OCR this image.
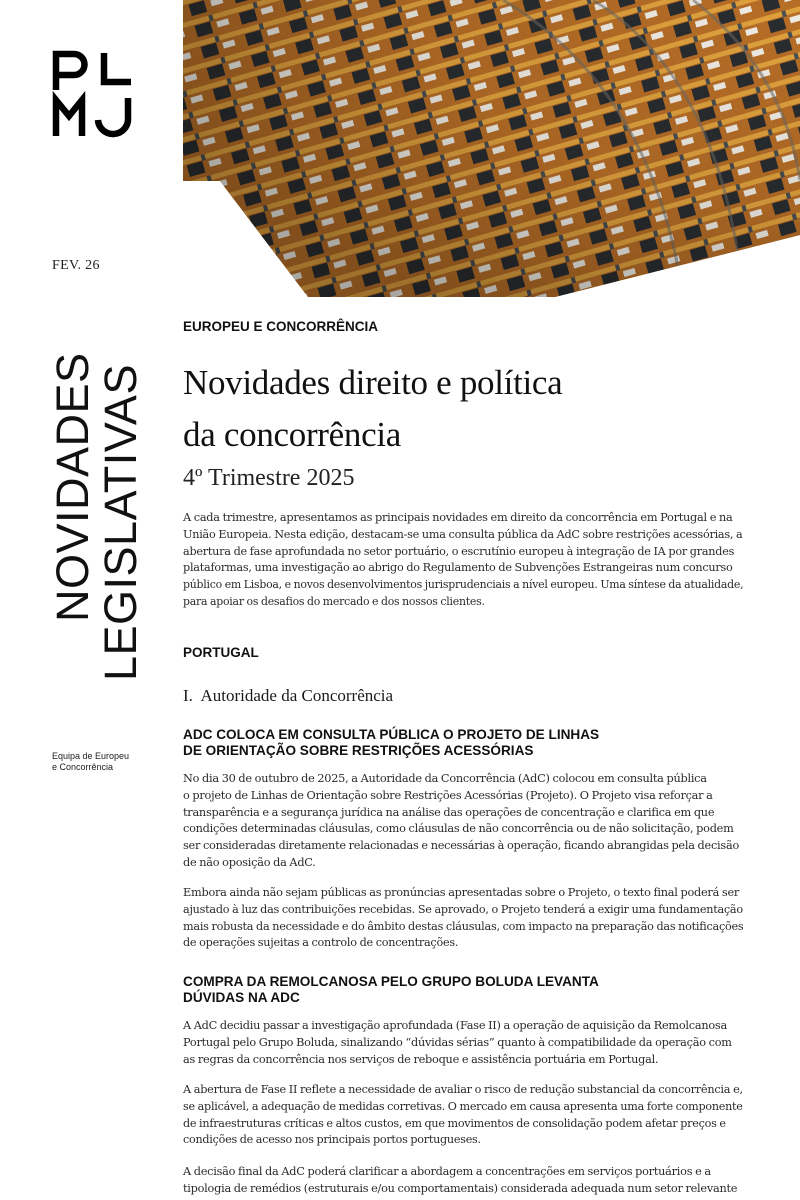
FEV. 26
NOVIDADES
LEGISLATIVAS
Equipa de Europeu
e Concorrência
EUROPEU E CONCORRÊNCIA
Novidades direito e política
da concorrência
4º Trimestre 2025
A cada trimestre, apresentamos as principais novidades em direito da concorrência em Portugal e na
União Europeia. Nesta edição, destacam-se uma consulta pública da AdC sobre restrições acessórias, a
abertura de fase aprofundada no setor portuário, o escrutínio europeu à integração de IA por grandes
plataformas, uma investigação ao abrigo do Regulamento de Subvenções Estrangeiras num concurso
público em Lisboa, e novos desenvolvimentos jurisprudenciais a nível europeu. Uma síntese da atualidade,
para apoiar os desafios do mercado e dos nossos clientes.

PORTUGAL
I.  Autoridade da Concorrência
ADC COLOCA EM CONSULTA PÚBLICA O PROJETO DE LINHAS
DE ORIENTAÇÃO SOBRE RESTRIÇÕES ACESSÓRIAS
No dia 30 de outubro de 2025, a Autoridade da Concorrência (AdC) colocou em consulta pública
o projeto de Linhas de Orientação sobre Restrições Acessórias (Projeto). O Projeto visa reforçar a
transparência e a segurança jurídica na análise das operações de concentração e clarifica em que
condições determinadas cláusulas, como cláusulas de não concorrência ou de não solicitação, podem
ser consideradas diretamente relacionadas e necessárias à operação, ficando abrangidas pela decisão
de não oposição da AdC.
Embora ainda não sejam públicas as pronúncias apresentadas sobre o Projeto, o texto final poderá ser
ajustado à luz das contribuições recebidas. Se aprovado, o Projeto tenderá a exigir uma fundamentação
mais robusta da necessidade e do âmbito destas cláusulas, com impacto na preparação das notificações
de operações sujeitas a controlo de concentrações.

COMPRA DA REMOLCANOSA PELO GRUPO BOLUDA LEVANTA
DÚVIDAS NA ADC
A AdC decidiu passar a investigação aprofundada (Fase II) a operação de aquisição da Remolcanosa
Portugal pelo Grupo Boluda, sinalizando “dúvidas sérias” quanto à compatibilidade da operação com
as regras da concorrência nos serviços de reboque e assistência portuária em Portugal.
A abertura de Fase II reflete a necessidade de avaliar o risco de redução substancial da concorrência e,
se aplicável, a adequação de medidas corretivas. O mercado em causa apresenta uma forte componente
de infraestruturas críticas e altos custos, em que movimentos de consolidação podem afetar preços e
condições de acesso nos principais portos portugueses.

A decisão final da AdC poderá clarificar a abordagem a concentrações em serviços portuários e a
tipologia de remédios (estruturais e/ou comportamentais) considerada adequada num setor relevante
